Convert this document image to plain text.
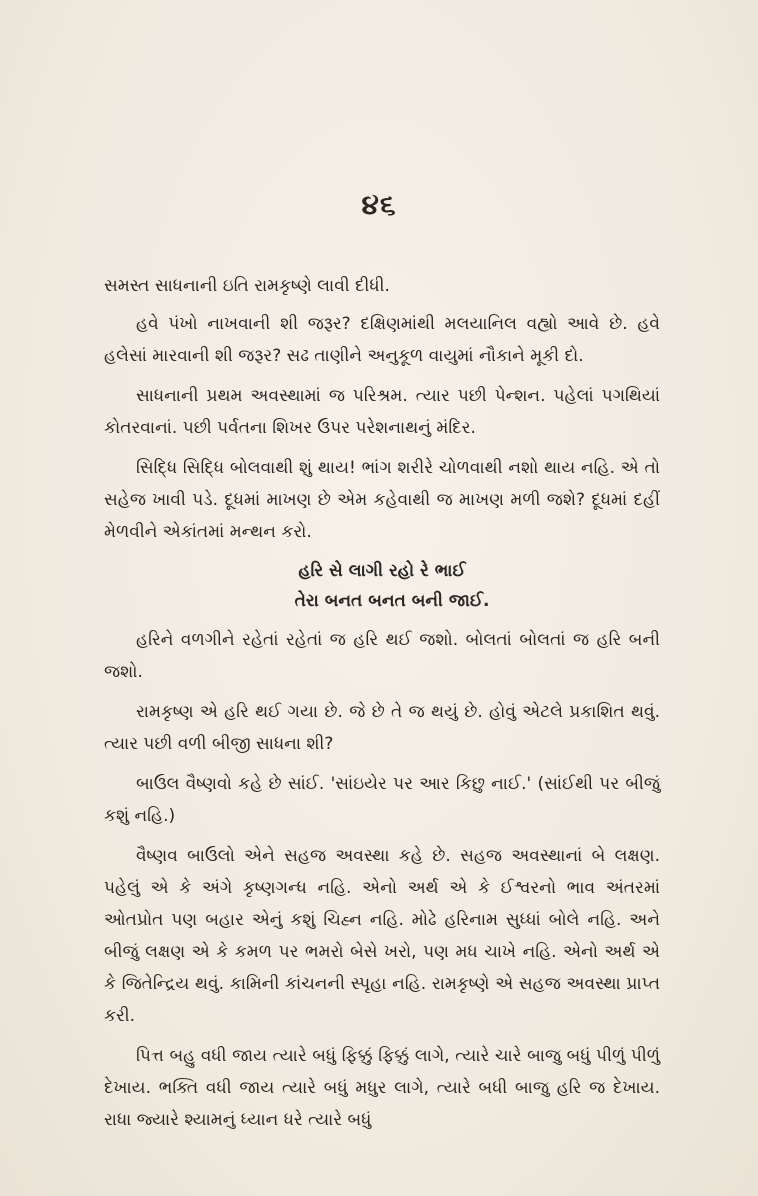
૪૬

સમસ્ત સાધનાની ઇતિ રામકૃષ્ણે લાવી દીધી.

હવે પંખો નાખવાની શી જરૂર? દક્ષિણમાંથી મલયાનિલ વહ્યો આવે છે. હવે હલેસાં મારવાની શી જરૂર? સઢ તાણીને અનુકૂળ વાયુમાં નૌકાને મૂકી દો.

સાધનાની પ્રથમ અવસ્થામાં જ પરિશ્રમ. ત્યાર પછી પેન્શન. પહેલાં પગથિયાં કોતરવાનાં. પછી પર્વતના શિખર ઉપર પરેશનાથનું મંદિર.

સિદ્ધિ સિદ્ધિ બોલવાથી શું થાય! ભાંગ શરીરે ચોળવાથી નશો થાય નહિ. એ તો સહેજ ખાવી પડે. દૂધમાં માખણ છે એમ કહેવાથી જ માખણ મળી જશે? દૂધમાં દહીં મેળવીને એકાંતમાં મન્થન કરો.

હરિ સે લાગી રહો રે ભાઈ
તેરા બનત બનત બની જાઈ.

હરિને વળગીને રહેતાં રહેતાં જ હરિ થઈ જશો. બોલતાં બોલતાં જ હરિ બની જશો.

રામકૃષ્ણ એ હરિ થઈ ગયા છે. જે છે તે જ થયું છે. હોવું એટલે પ્રકાશિત થવું. ત્યાર પછી વળી બીજી સાધના શી?

બાઉલ વૈષ્ણવો કહે છે સાંઈ. 'સાંઇયેર પર આર કિછુ નાઈ.' (સાંઈથી પર બીજું કશું નહિ.)

વૈષ્ણવ બાઉલો એને સહજ અવસ્થા કહે છે. સહજ અવસ્થાનાં બે લક્ષણ. પહેલું એ કે અંગે કૃષ્ણગન્ધ નહિ. એનો અર્થ એ કે ઈશ્વરનો ભાવ અંતરમાં ઓતપ્રોત પણ બહાર એનું કશું ચિહ્ન નહિ. મોઢે હરિનામ સુધ્ધાં બોલે નહિ. અને બીજું લક્ષણ એ કે કમળ પર ભમરો બેસે ખરો, પણ મધ ચાખે નહિ. એનો અર્થ એ કે જિતેન્દ્રિય થવું. કામિની કાંચનની સ્પૃહા નહિ. રામકૃષ્ણે એ સહજ અવસ્થા પ્રાપ્ત કરી.

પિત્ત બહુ વધી જાય ત્યારે બધું ફિક્કું ફિક્કું લાગે, ત્યારે ચારે બાજુ બધું પીળું પીળું દેખાય. ભક્તિ વધી જાય ત્યારે બધું મધુર લાગે, ત્યારે બધી બાજુ હરિ જ દેખાય. રાધા જ્યારે શ્યામનું ધ્યાન ધરે ત્યારે બધું
